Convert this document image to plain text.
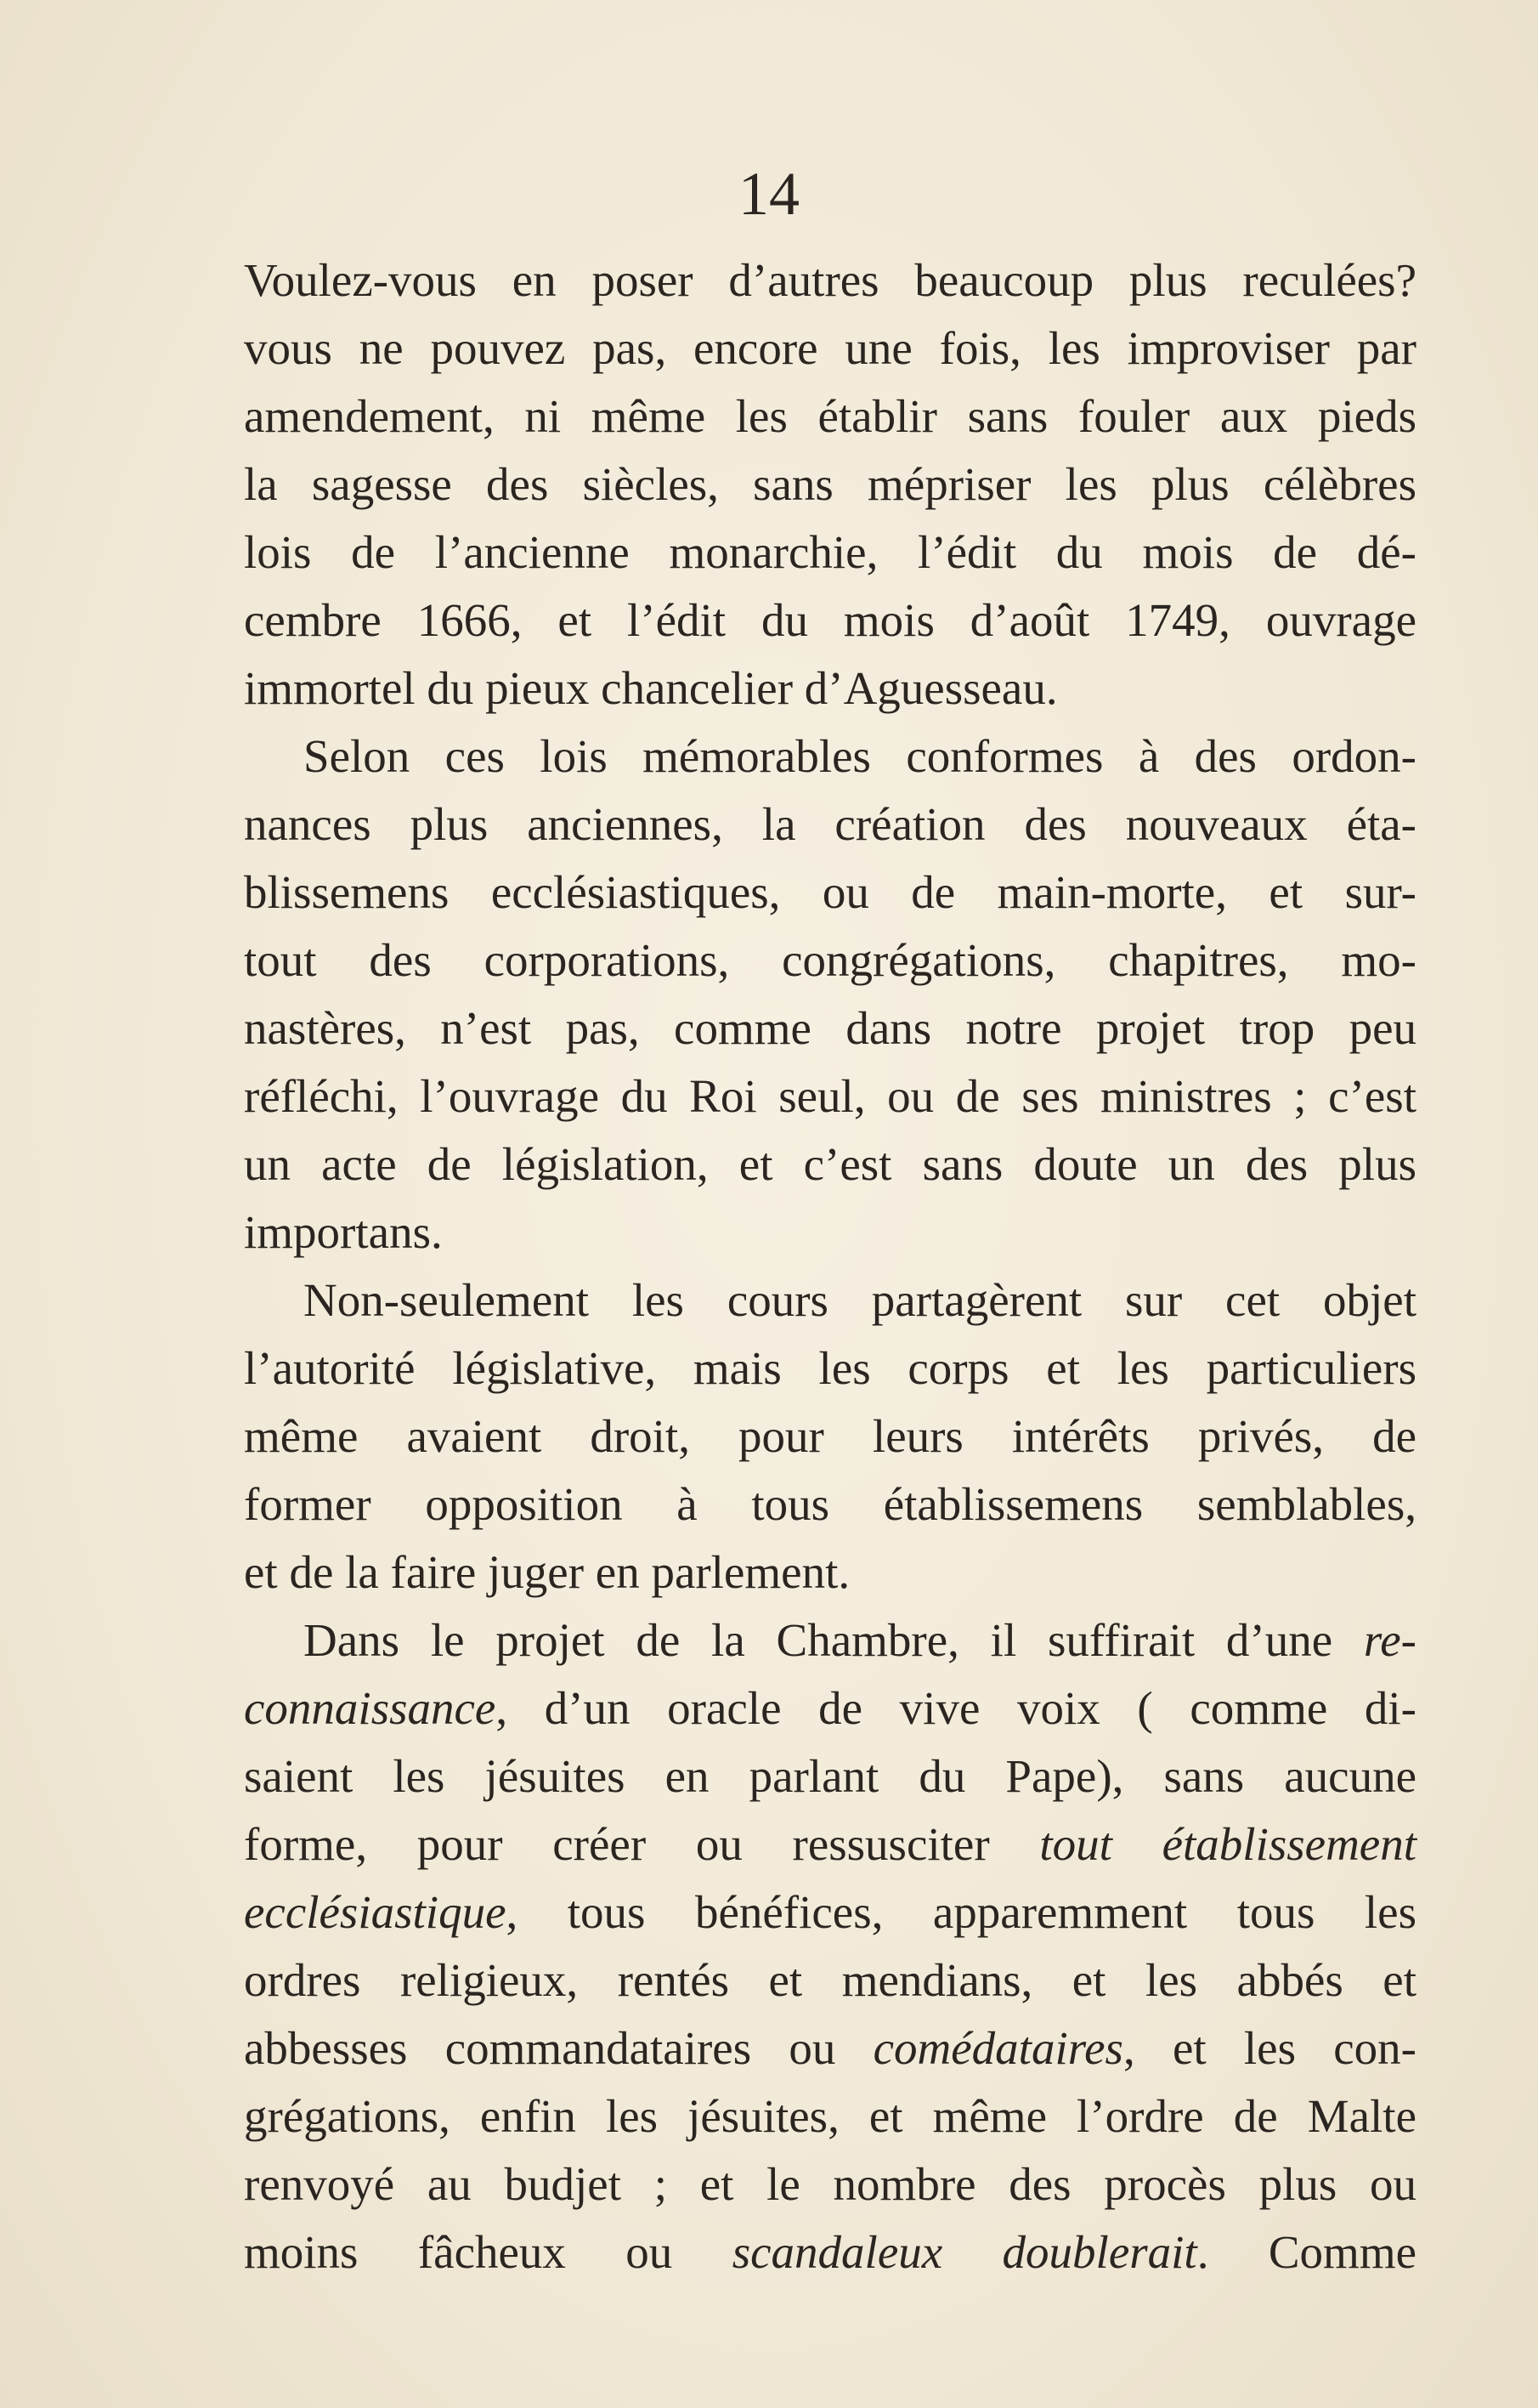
14
Voulez-vous en poser d’autres beaucoup plus reculées?
vous ne pouvez pas, encore une fois, les improviser par
amendement, ni même les établir sans fouler aux pieds
la sagesse des siècles, sans mépriser les plus célèbres
lois de l’ancienne monarchie, l’édit du mois de dé-
cembre 1666, et l’édit du mois d’août 1749, ouvrage
immortel du pieux chancelier d’Aguesseau.
Selon ces lois mémorables conformes à des ordon-
nances plus anciennes, la création des nouveaux éta-
blissemens ecclésiastiques, ou de main-morte, et sur-
tout des corporations, congrégations, chapitres, mo-
nastères, n’est pas, comme dans notre projet trop peu
réfléchi, l’ouvrage du Roi seul, ou de ses ministres ; c’est
un acte de législation, et c’est sans doute un des plus
importans.
Non-seulement les cours partagèrent sur cet objet
l’autorité législative, mais les corps et les particuliers
même avaient droit, pour leurs intérêts privés, de
former opposition à tous établissemens semblables,
et de la faire juger en parlement.
Dans le projet de la Chambre, il suffirait d’une re-
connaissance, d’un oracle de vive voix ( comme di-
saient les jésuites en parlant du Pape), sans aucune
forme, pour créer ou ressusciter tout établissement
ecclésiastique, tous bénéfices, apparemment tous les
ordres religieux, rentés et mendians, et les abbés et
abbesses commandataires ou comédataires, et les con-
grégations, enfin les jésuites, et même l’ordre de Malte
renvoyé au budjet ; et le nombre des procès plus ou
moins fâcheux ou scandaleux doublerait. Comme
